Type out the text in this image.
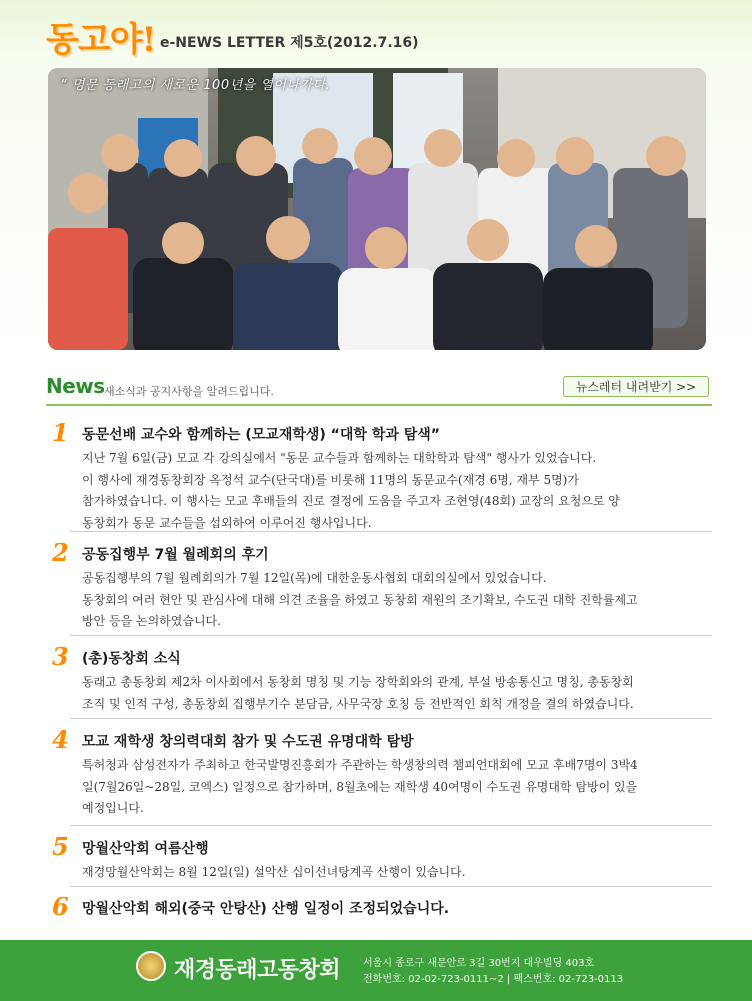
동고야! e-NEWS LETTER 제5호(2012.7.16)
“ 명문 동래고의 새로운 100년을 열어나가다.
News 새소식과 공지사항을 알려드립니다.	뉴스레터 내려받기 >>
1 동문선배 교수와 함께하는 (모교재학생) “대학 학과 탐색”

지난 7월 6일(금) 모교 각 강의실에서 "동문 교수들과 함께하는 대학학과 탐색" 행사가 있었습니다.

이 행사에 재경동창회장 옥정석 교수(단국대)를 비롯해 11명의 동문교수(재경 6명, 재부 5명)가

참가하였습니다. 이 행사는 모교 후배들의 진로 결정에 도움을 주고자 조현영(48회) 교장의 요청으로 양

동창회가 동문 교수들을 섭외하여 이루어진 행사입니다.

2 공동집행부 7월 월례회의 후기

공동집행부의 7월 월례회의가 7월 12일(목)에 대한운동사협회 대회의실에서 있었습니다.

동창회의 여러 현안 및 관심사에 대해 의견 조율을 하였고 동창회 재원의 조기확보, 수도권 대학 진학률제고

방안 등을 논의하였습니다.

3 (총)동창회 소식

동래고 총동창회 제2차 이사회에서 동창회 명칭 및 기능 장학회와의 관계, 부설 방송통신고 명칭, 총동창회

조직 및 인적 구성, 총동창회 집행부기수 분담금, 사무국장 호칭 등 전반적인 회칙 개정을 결의 하였습니다.

4 모교 재학생 창의력대회 참가 및 수도권 유명대학 탐방

특허청과 삼성전자가 주최하고 한국발명진흥회가 주관하는 학생창의력 챔피언대회에 모교 후배7명이 3박4

일(7월26일~28일, 코엑스) 일정으로 참가하며, 8월초에는 재학생 40여명이 수도권 유명대학 탐방이 있을

예정입니다.

5 망월산악회 여름산행

재경망월산악회는 8월 12일(일) 설악산 십이선녀탕계곡 산행이 있습니다.

6 망월산악회 해외(중국 안탕산) 산행 일정이 조정되었습니다.
재경동래고동창회 서울시 종로구 새문안로 3길 30번지 대우빌딩 403호
전화번호: 02-02-723-0111~2 | 팩스번호: 02-723-0113
